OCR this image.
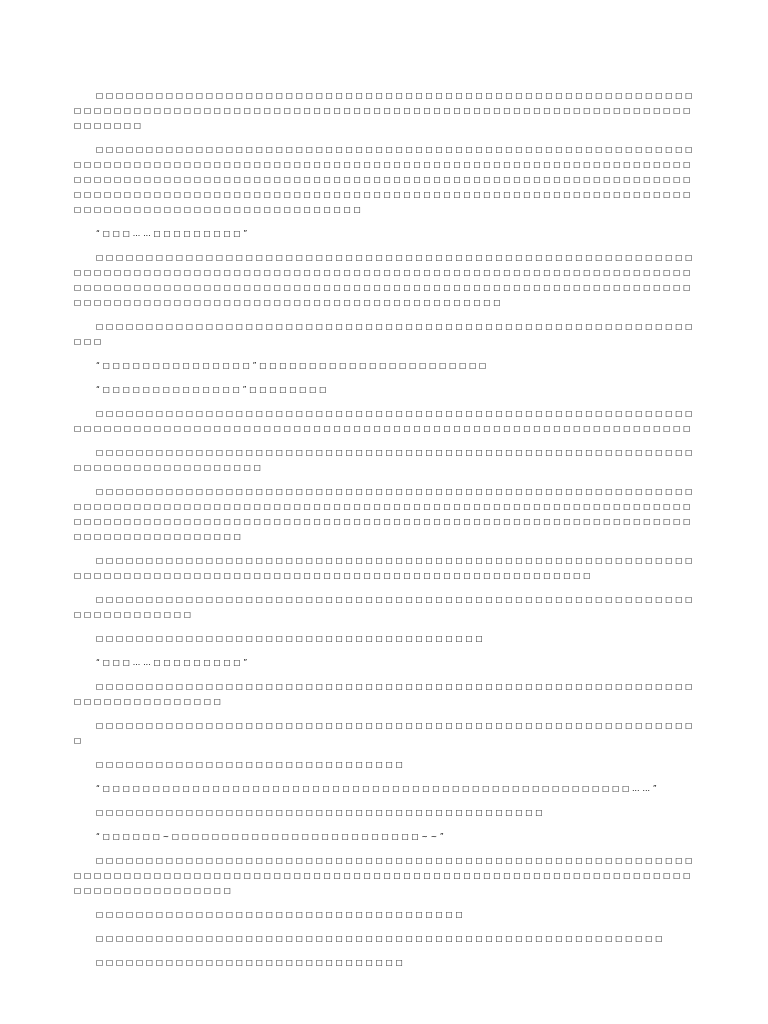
□□□□□□□□□□□□□□□□□□□□□□□□□□□□□□□□□□□□□□□□□□□□□□□□□□□□□□□□□□□□□□□□□□□□□□□□□□□□□□□□□□□□□□□□□□□□□□□□□□□□□□□□□□□□□□□□□□□□□□□□□□□□□□□□□

□□□□□□□□□□□□□□□□□□□□□□□□□□□□□□□□□□□□□□□□□□□□□□□□□□□□□□□□□□□□□□□□□□□□□□□□□□□□□□□□□□□□□□□□□□□□□□□□□□□□□□□□□□□□□□□□□□□□□□□□□□□□□□□□□□□□□□□□□□□□□□□□□□□□□□□□□□□□□□□□□□□□□□□□□□□□□□□□□□□□□□□□□□□□□□□□□□□□□□□□□□□□□□□□□□□□□□□□□□□□□□□□□□□□□□□□□□□□□□□□□□□□□□□□□□□□□□□□□□□□□□□□□□□□□□□□□□□

“□□□……□□□□□□□□□”

□□□□□□□□□□□□□□□□□□□□□□□□□□□□□□□□□□□□□□□□□□□□□□□□□□□□□□□□□□□□□□□□□□□□□□□□□□□□□□□□□□□□□□□□□□□□□□□□□□□□□□□□□□□□□□□□□□□□□□□□□□□□□□□□□□□□□□□□□□□□□□□□□□□□□□□□□□□□□□□□□□□□□□□□□□□□□□□□□□□□□□□□□□□□□□□□□□□□□□□□□□□□□□□□□□□□□□□□□□□□□□□□□□□

□□□□□□□□□□□□□□□□□□□□□□□□□□□□□□□□□□□□□□□□□□□□□□□□□□□□□□□□□□□□□□□

“□□□□□□□□□□□□□□□”□□□□□□□□□□□□□□□□□□□□□□□

“□□□□□□□□□□□□□□”□□□□□□□□

□□□□□□□□□□□□□□□□□□□□□□□□□□□□□□□□□□□□□□□□□□□□□□□□□□□□□□□□□□□□□□□□□□□□□□□□□□□□□□□□□□□□□□□□□□□□□□□□□□□□□□□□□□□□□□□□□□□□□□□□□□

□□□□□□□□□□□□□□□□□□□□□□□□□□□□□□□□□□□□□□□□□□□□□□□□□□□□□□□□□□□□□□□□□□□□□□□□□□□□□□□

□□□□□□□□□□□□□□□□□□□□□□□□□□□□□□□□□□□□□□□□□□□□□□□□□□□□□□□□□□□□□□□□□□□□□□□□□□□□□□□□□□□□□□□□□□□□□□□□□□□□□□□□□□□□□□□□□□□□□□□□□□□□□□□□□□□□□□□□□□□□□□□□□□□□□□□□□□□□□□□□□□□□□□□□□□□□□□□□□□□□□□□□□□□□□□□□□□□□□□□□□

□□□□□□□□□□□□□□□□□□□□□□□□□□□□□□□□□□□□□□□□□□□□□□□□□□□□□□□□□□□□□□□□□□□□□□□□□□□□□□□□□□□□□□□□□□□□□□□□□□□□□□□□□□□□□□□□

□□□□□□□□□□□□□□□□□□□□□□□□□□□□□□□□□□□□□□□□□□□□□□□□□□□□□□□□□□□□□□□□□□□□□□□□

□□□□□□□□□□□□□□□□□□□□□□□□□□□□□□□□□□□□□□□

“□□□……□□□□□□□□□”

□□□□□□□□□□□□□□□□□□□□□□□□□□□□□□□□□□□□□□□□□□□□□□□□□□□□□□□□□□□□□□□□□□□□□□□□□□□

□□□□□□□□□□□□□□□□□□□□□□□□□□□□□□□□□□□□□□□□□□□□□□□□□□□□□□□□□□□□□

□□□□□□□□□□□□□□□□□□□□□□□□□□□□□□□

“□□□□□□□□□□□□□□□□□□□□□□□□□□□□□□□□□□□□□□□□□□□□□□□□□□□□□……”

□□□□□□□□□□□□□□□□□□□□□□□□□□□□□□□□□□□□□□□□□□□□□

“□□□□□□~□□□□□□□□□□□□□□□□□□□□□□□□□~~”

□□□□□□□□□□□□□□□□□□□□□□□□□□□□□□□□□□□□□□□□□□□□□□□□□□□□□□□□□□□□□□□□□□□□□□□□□□□□□□□□□□□□□□□□□□□□□□□□□□□□□□□□□□□□□□□□□□□□□□□□□□□□□□□□□□□□□□□□□□

□□□□□□□□□□□□□□□□□□□□□□□□□□□□□□□□□□□□□

□□□□□□□□□□□□□□□□□□□□□□□□□□□□□□□□□□□□□□□□□□□□□□□□□□□□□□□□□

□□□□□□□□□□□□□□□□□□□□□□□□□□□□□□□
